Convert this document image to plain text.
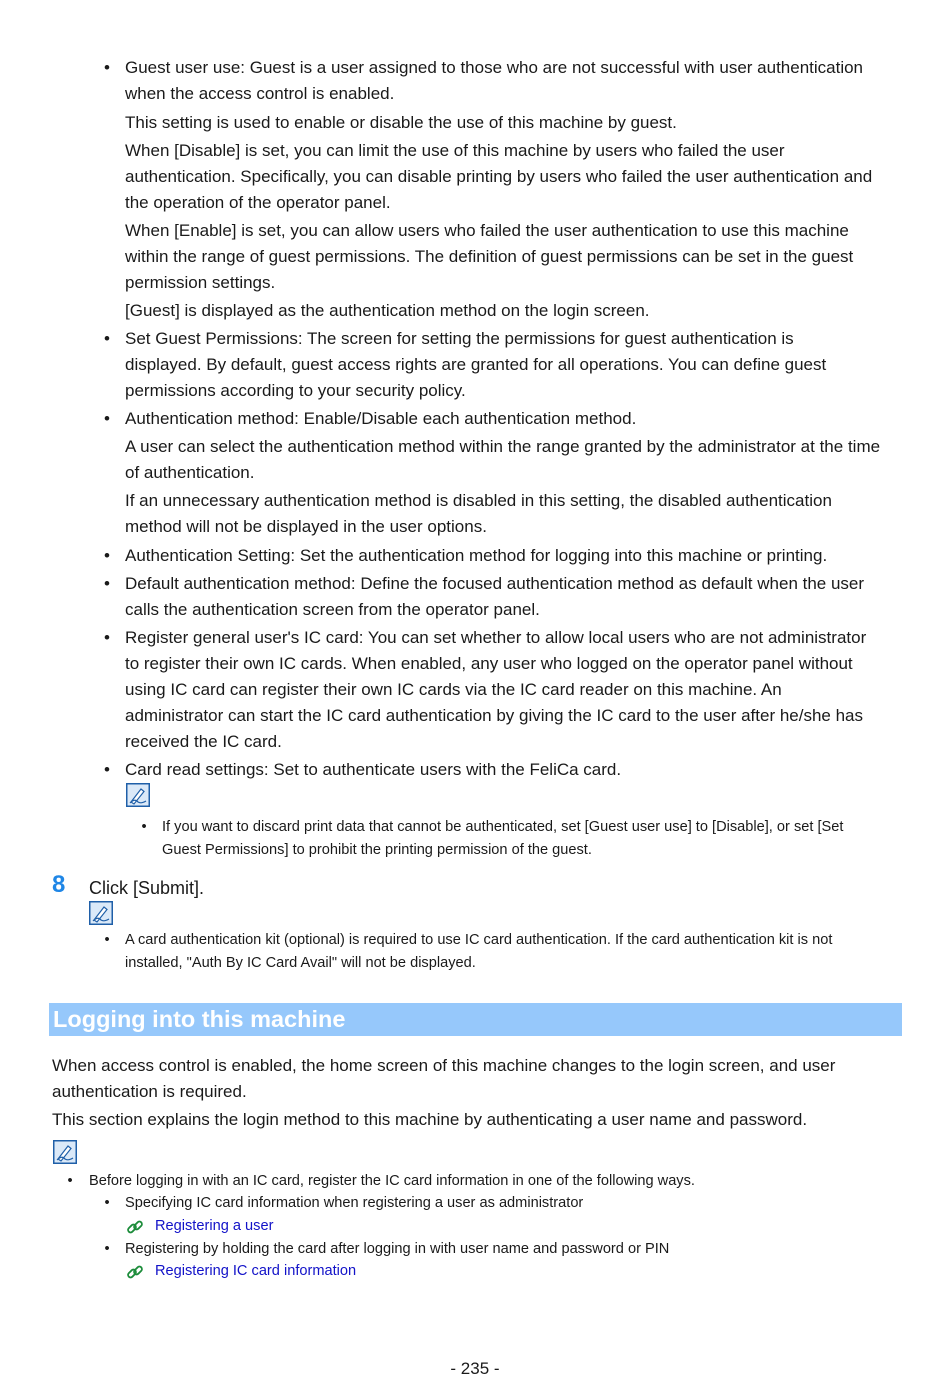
• Guest user use: Guest is a user assigned to those who are not successful with user authentication
when the access control is enabled.
This setting is used to enable or disable the use of this machine by guest.
When [Disable] is set, you can limit the use of this machine by users who failed the user
authentication. Specifically, you can disable printing by users who failed the user authentication and
the operation of the operator panel.
When [Enable] is set, you can allow users who failed the user authentication to use this machine
within the range of guest permissions. The definition of guest permissions can be set in the guest
permission settings.
[Guest] is displayed as the authentication method on the login screen.
• Set Guest Permissions: The screen for setting the permissions for guest authentication is
displayed. By default, guest access rights are granted for all operations. You can define guest
permissions according to your security policy.
• Authentication method: Enable/Disable each authentication method.
A user can select the authentication method within the range granted by the administrator at the time
of authentication.
If an unnecessary authentication method is disabled in this setting, the disabled authentication
method will not be displayed in the user options.
• Authentication Setting: Set the authentication method for logging into this machine or printing.
• Default authentication method: Define the focused authentication method as default when the user
calls the authentication screen from the operator panel.
• Register general user's IC card: You can set whether to allow local users who are not administrator
to register their own IC cards. When enabled, any user who logged on the operator panel without
using IC card can register their own IC cards via the IC card reader on this machine. An
administrator can start the IC card authentication by giving the IC card to the user after he/she has
received the IC card.
• Card read settings: Set to authenticate users with the FeliCa card.
• If you want to discard print data that cannot be authenticated, set [Guest user use] to [Disable], or set [Set
Guest Permissions] to prohibit the printing permission of the guest.
8 Click [Submit].
• A card authentication kit (optional) is required to use IC card authentication. If the card authentication kit is not
installed, "Auth By IC Card Avail" will not be displayed.
Logging into this machine
When access control is enabled, the home screen of this machine changes to the login screen, and user
authentication is required.
This section explains the login method to this machine by authenticating a user name and password.
• Before logging in with an IC card, register the IC card information in one of the following ways.
• Specifying IC card information when registering a user as administrator
Registering a user
• Registering by holding the card after logging in with user name and password or PIN
Registering IC card information
- 235 -
